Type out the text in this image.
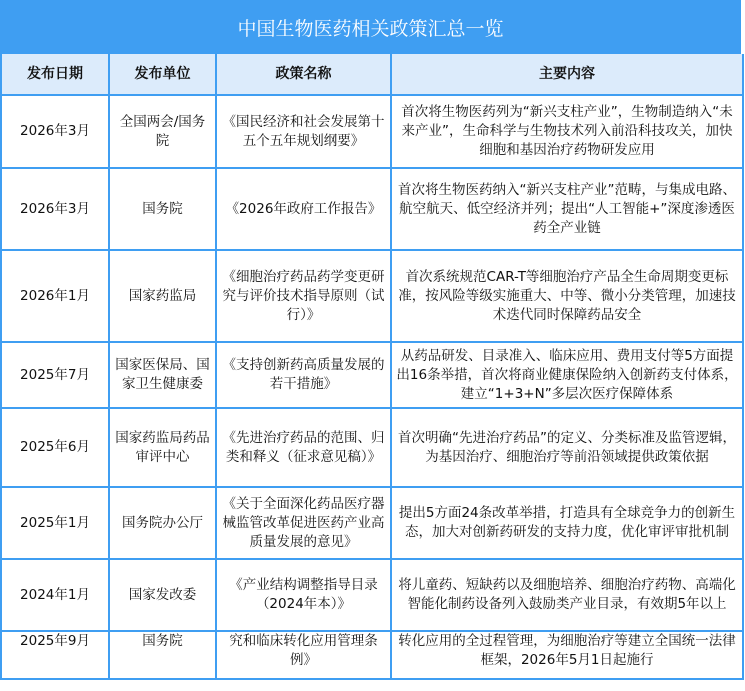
中国生物医药相关政策汇总一览
发布日期	发布单位	政策名称	主要内容
2026年3月	全国两会/国务院	《国民经济和社会发展第十五个五年规划纲要》	首次将生物医药列为“新兴支柱产业”，生物制造纳入“未来产业”，生命科学与生物技术列入前沿科技攻关，加快细胞和基因治疗药物研发应用
2026年3月	国务院	《2026年政府工作报告》	首次将生物医药纳入“新兴支柱产业”范畴，与集成电路、航空航天、低空经济并列；提出“人工智能+”深度渗透医药全产业链
2026年1月	国家药监局	《细胞治疗药品药学变更研究与评价技术指导原则（试行）》	首次系统规范CAR-T等细胞治疗产品全生命周期变更标准，按风险等级实施重大、中等、微小分类管理，加速技术迭代同时保障药品安全
2025年7月	国家医保局、国家卫生健康委	《支持创新药高质量发展的若干措施》	从药品研发、目录准入、临床应用、费用支付等5方面提出16条举措，首次将商业健康保险纳入创新药支付体系，建立“1+3+N”多层次医疗保障体系
2025年6月	国家药监局药品审评中心	《先进治疗药品的范围、归类和释义（征求意见稿）》	首次明确“先进治疗药品”的定义、分类标准及监管逻辑，为基因治疗、细胞治疗等前沿领域提供政策依据
2025年1月	国务院办公厅	《关于全面深化药品医疗器械监管改革促进医药产业高质量发展的意见》	提出5方面24条改革举措，打造具有全球竞争力的创新生态，加大对创新药研发的支持力度，优化审评审批机制
2024年1月	国家发改委	《产业结构调整指导目录（2024年本）》	将儿童药、短缺药以及细胞培养、细胞治疗药物、高端化智能化制药设备列入鼓励类产业目录，有效期5年以上
2025年9月	国务院	究和临床转化应用管理条例》	转化应用的全过程管理，为细胞治疗等建立全国统一法律框架，2026年5月1日起施行
